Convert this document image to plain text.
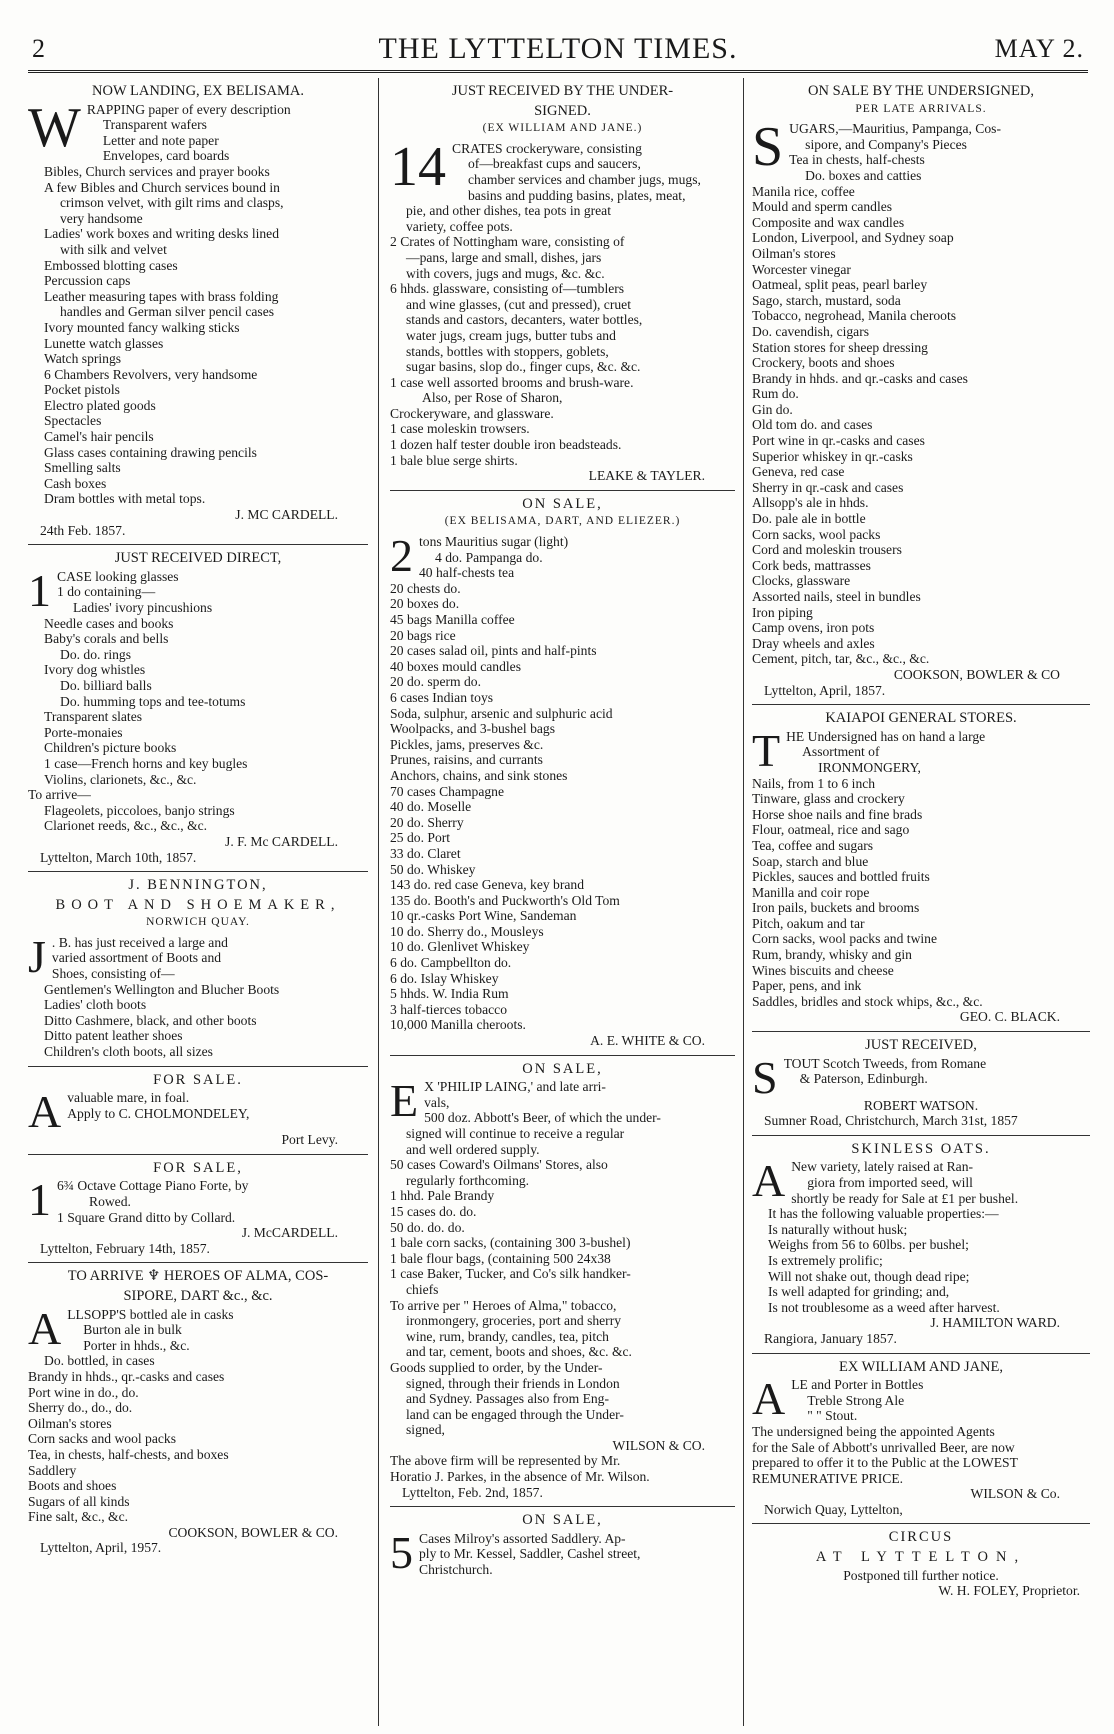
2	THE LYTTELTON TIMES.	MAY 2.
NOW LANDING, EX BELISAMA.
W RAPPING paper of every description
Transparent wafers
Letter and note paper
Envelopes, card boards
Bibles, Church services and prayer books
A few Bibles and Church services bound in
crimson velvet, with gilt rims and clasps,
very handsome
Ladies' work boxes and writing desks lined
with silk and velvet
Embossed blotting cases
Percussion caps
Leather measuring tapes with brass folding
handles and German silver pencil cases
Ivory mounted fancy walking sticks
Lunette watch glasses
Watch springs
6 Chambers Revolvers, very handsome
Pocket pistols
Electro plated goods
Spectacles
Camel's hair pencils
Glass cases containing drawing pencils
Smelling salts
Cash boxes
Dram bottles with metal tops.
J. MC CARDELL.
24th Feb. 1857.
JUST RECEIVED DIRECT,
1 CASE looking glasses
1 do containing—
Ladies' ivory pincushions
Needle cases and books
Baby's corals and bells
Do. do. rings
Ivory dog whistles
Do. billiard balls
Do. humming tops and tee-totums
Transparent slates
Porte-monaies
Children's picture books
1 case—French horns and key bugles
Violins, clarionets, &c., &c.
To arrive—
Flageolets, piccoloes, banjo strings
Clarionet reeds, &c., &c., &c.
J. F. Mc CARDELL.
Lyttelton, March 10th, 1857.
J. BENNINGTON,
BOOT AND SHOEMAKER,
NORWICH QUAY.
J . B. has just received a large and
varied assortment of Boots and
Shoes, consisting of—
Gentlemen's Wellington and Blucher Boots
Ladies' cloth boots
Ditto Cashmere, black, and other boots
Ditto patent leather shoes
Children's cloth boots, all sizes
FOR SALE.
A valuable mare, in foal.
Apply to C. CHOLMONDELEY,
Port Levy.
FOR SALE,
1 6¾ Octave Cottage Piano Forte, by
Rowed.
1 Square Grand ditto by Collard.
J. McCARDELL.
Lyttelton, February 14th, 1857.
TO ARRIVE ♆ HEROES OF ALMA, COS-
SIPORE, DART &c., &c.
A LLSOPP'S bottled ale in casks
Burton ale in bulk
Porter in hhds., &c.
Do. bottled, in cases
Brandy in hhds., qr.-casks and cases
Port wine in do., do.
Sherry do., do., do.
Oilman's stores
Corn sacks and wool packs
Tea, in chests, half-chests, and boxes
Saddlery
Boots and shoes
Sugars of all kinds
Fine salt, &c., &c.
COOKSON, BOWLER & CO.
Lyttelton, April, 1957.
JUST RECEIVED BY THE UNDER-
SIGNED.
(EX WILLIAM AND JANE.)
14 CRATES crockeryware, consisting
of—breakfast cups and saucers,
chamber services and chamber jugs, mugs,
basins and pudding basins, plates, meat,
pie, and other dishes, tea pots in great
variety, coffee pots.
2 Crates of Nottingham ware, consisting of
—pans, large and small, dishes, jars
with covers, jugs and mugs, &c. &c.
6 hhds. glassware, consisting of—tumblers
and wine glasses, (cut and pressed), cruet
stands and castors, decanters, water bottles,
water jugs, cream jugs, butter tubs and
stands, bottles with stoppers, goblets,
sugar basins, slop do., finger cups, &c. &c.
1 case well assorted brooms and brush-ware.
Also, per Rose of Sharon,
Crockeryware, and glassware.
1 case moleskin trowsers.
1 dozen half tester double iron beadsteads.
1 bale blue serge shirts.
LEAKE & TAYLER.
ON SALE,
(EX BELISAMA, DART, AND ELIEZER.)
2 tons Mauritius sugar (light)
4 do. Pampanga do.
40 half-chests tea
20 chests do.
20 boxes do.
45 bags Manilla coffee
20 bags rice
20 cases salad oil, pints and half-pints
40 boxes mould candles
20 do. sperm do.
6 cases Indian toys
Soda, sulphur, arsenic and sulphuric acid
Woolpacks, and 3-bushel bags
Pickles, jams, preserves &c.
Prunes, raisins, and currants
Anchors, chains, and sink stones
70 cases Champagne
40 do. Moselle
20 do. Sherry
25 do. Port
33 do. Claret
50 do. Whiskey
143 do. red case Geneva, key brand
135 do. Booth's and Puckworth's Old Tom
10 qr.-casks Port Wine, Sandeman
10 do. Sherry do., Mousleys
10 do. Glenlivet Whiskey
6 do. Campbellton do.
6 do. Islay Whiskey
5 hhds. W. India Rum
3 half-tierces tobacco
10,000 Manilla cheroots.
A. E. WHITE & CO.
ON SALE,
E X 'PHILIP LAING,' and late arri-
vals,
500 doz. Abbott's Beer, of which the under-
signed will continue to receive a regular
and well ordered supply.
50 cases Coward's Oilmans' Stores, also
regularly forthcoming.
1 hhd. Pale Brandy
15 cases do. do.
50 do. do. do.
1 bale corn sacks, (containing 300 3-bushel)
1 bale flour bags, (containing 500 24x38
1 case Baker, Tucker, and Co's silk handker-
chiefs
To arrive per " Heroes of Alma," tobacco,
ironmongery, groceries, port and sherry
wine, rum, brandy, candles, tea, pitch
and tar, cement, boots and shoes, &c. &c.
Goods supplied to order, by the Under-
signed, through their friends in London
and Sydney. Passages also from Eng-
land can be engaged through the Under-
signed,
WILSON & CO.
The above firm will be represented by Mr.
Horatio J. Parkes, in the absence of Mr. Wilson.
Lyttelton, Feb. 2nd, 1857.
ON SALE,
5 Cases Milroy's assorted Saddlery. Ap-
ply to Mr. Kessel, Saddler, Cashel street,
Christchurch.
ON SALE BY THE UNDERSIGNED,
PER LATE ARRIVALS.
S UGARS,—Mauritius, Pampanga, Cos-
sipore, and Company's Pieces
Tea in chests, half-chests
Do. boxes and catties
Manila rice, coffee
Mould and sperm candles
Composite and wax candles
London, Liverpool, and Sydney soap
Oilman's stores
Worcester vinegar
Oatmeal, split peas, pearl barley
Sago, starch, mustard, soda
Tobacco, negrohead, Manila cheroots
Do. cavendish, cigars
Station stores for sheep dressing
Crockery, boots and shoes
Brandy in hhds. and qr.-casks and cases
Rum do.
Gin do.
Old tom do. and cases
Port wine in qr.-casks and cases
Superior whiskey in qr.-casks
Geneva, red case
Sherry in qr.-cask and cases
Allsopp's ale in hhds.
Do. pale ale in bottle
Corn sacks, wool packs
Cord and moleskin trousers
Cork beds, mattrasses
Clocks, glassware
Assorted nails, steel in bundles
Iron piping
Camp ovens, iron pots
Dray wheels and axles
Cement, pitch, tar, &c., &c., &c.
COOKSON, BOWLER & CO
Lyttelton, April, 1857.
KAIAPOI GENERAL STORES.
T HE Undersigned has on hand a large
Assortment of
IRONMONGERY,
Nails, from 1 to 6 inch
Tinware, glass and crockery
Horse shoe nails and fine brads
Flour, oatmeal, rice and sago
Tea, coffee and sugars
Soap, starch and blue
Pickles, sauces and bottled fruits
Manilla and coir rope
Iron pails, buckets and brooms
Pitch, oakum and tar
Corn sacks, wool packs and twine
Rum, brandy, whisky and gin
Wines biscuits and cheese
Paper, pens, and ink
Saddles, bridles and stock whips, &c., &c.
GEO. C. BLACK.
JUST RECEIVED,
S TOUT Scotch Tweeds, from Romane
& Paterson, Edinburgh.
ROBERT WATSON.
Sumner Road, Christchurch, March 31st, 1857
SKINLESS OATS.
A New variety, lately raised at Ran-
giora from imported seed, will
shortly be ready for Sale at £1 per bushel.
It has the following valuable properties:—
Is naturally without husk;
Weighs from 56 to 60lbs. per bushel;
Is extremely prolific;
Will not shake out, though dead ripe;
Is well adapted for grinding; and,
Is not troublesome as a weed after harvest.
J. HAMILTON WARD.
Rangiora, January 1857.
EX WILLIAM AND JANE,
A LE and Porter in Bottles
Treble Strong Ale
" " Stout.
The undersigned being the appointed Agents
for the Sale of Abbott's unrivalled Beer, are now
prepared to offer it to the Public at the LOWEST
REMUNERATIVE PRICE.
WILSON & Co.
Norwich Quay, Lyttelton,
CIRCUS
AT LYTTELTON,
Postponed till further notice.
W. H. FOLEY, Proprietor.
